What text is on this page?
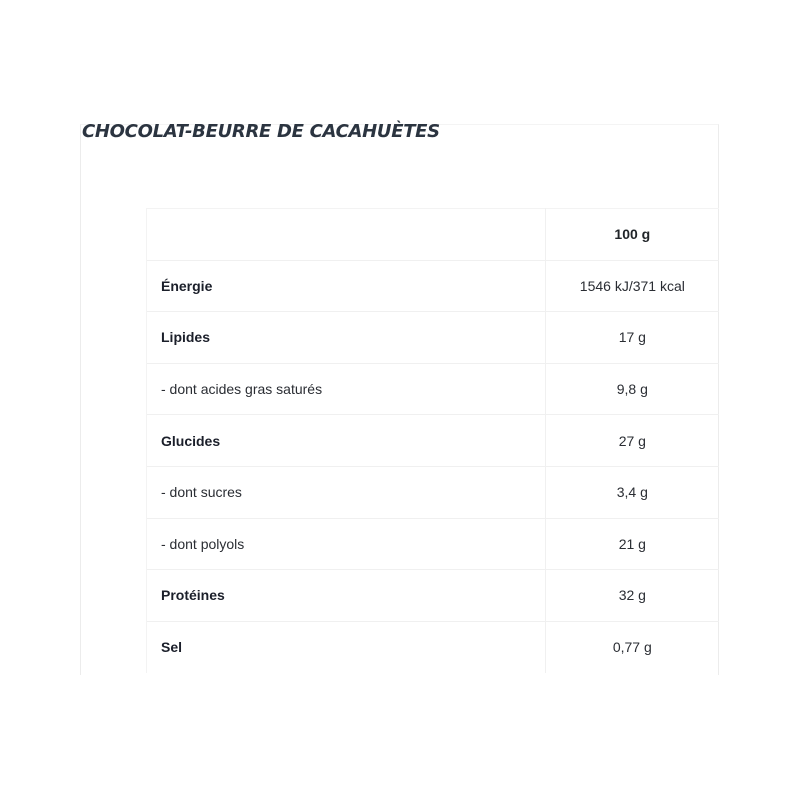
CHOCOLAT-BEURRE DE CACAHUÈTES
	100 g
Énergie	1546 kJ/371 kcal
Lipides	17 g
- dont acides gras saturés	9,8 g
Glucides	27 g
- dont sucres	3,4 g
- dont polyols	21 g
Protéines	32 g
Sel	0,77 g
